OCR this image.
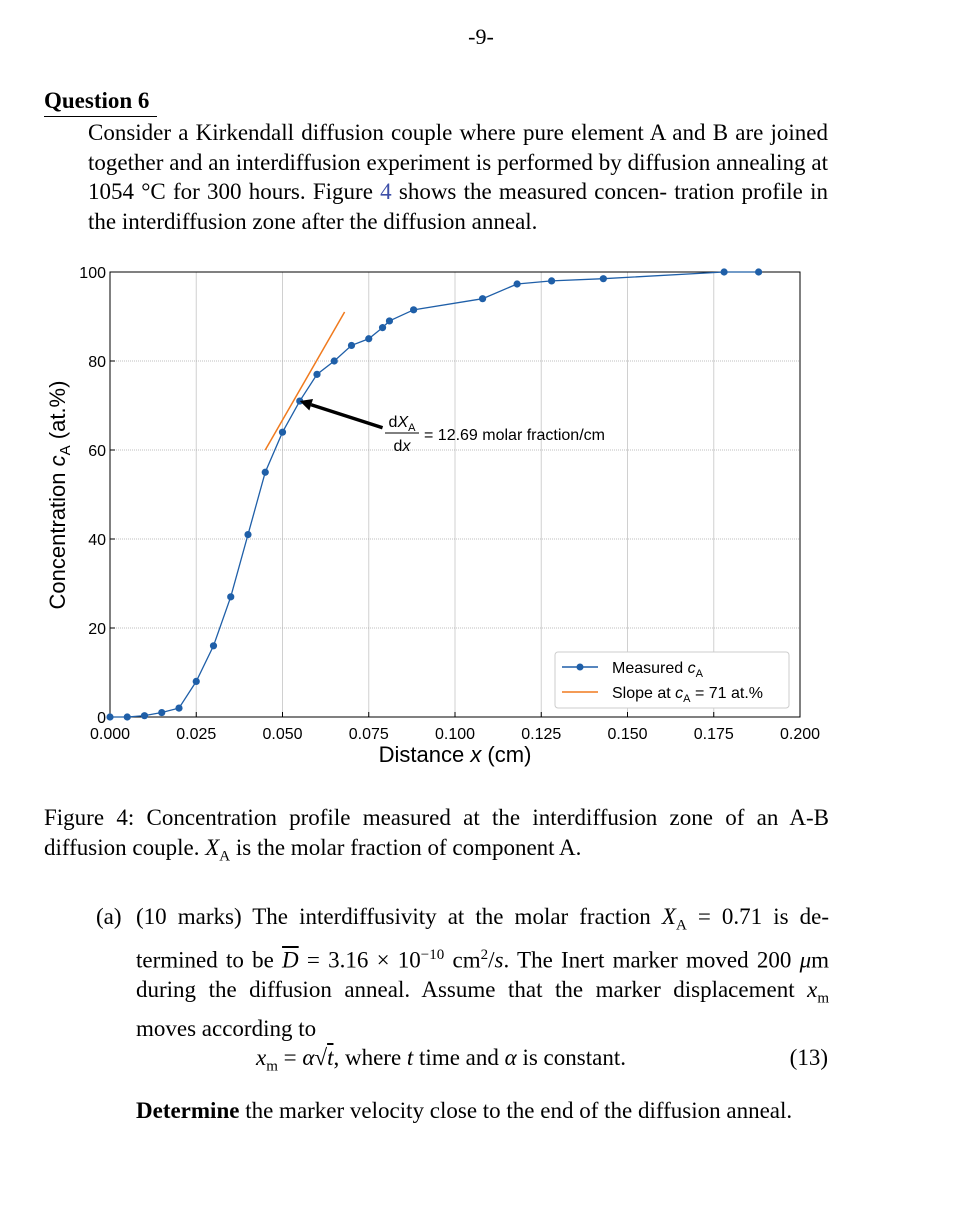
-9-
Question 6
Consider a Kirkendall diffusion couple where pure element A and B are joined together and an interdiffusion experiment is performed by diffusion annealing at 1054 °C for 300 hours. Figure 4 shows the measured concen- tration profile in the interdiffusion zone after the diffusion anneal.
0.000	0.025	0.050	0.075	0.100	0.125	0.150	0.175	0.200
0
20
40
60
80
100
$dX_A$
dx
= 12.69 molar fraction/cm
Distance x (cm)
Concentration $c_A$ (at.%)
Measured $c_A$
Slope at $c_A = 71$ at.%
Figure 4: Concentration profile measured at the interdiffusion zone of an A-B diffusion couple. $X_A$ is the molar fraction of component A.
(a) (10 marks) The interdiffusivity at the molar fraction $X_A = 0.71$ is de- termined to be $\overline{D} = 3.16 \times 10^{-10}$ $cm^2/s$. The Inert marker moved 200 μm during the diffusion anneal. Assume that the marker displacement $x_m$ moves according to
$x_m = \alpha√t$, where t time and α is constant.	(13)
Determine the marker velocity close to the end of the diffusion anneal.
